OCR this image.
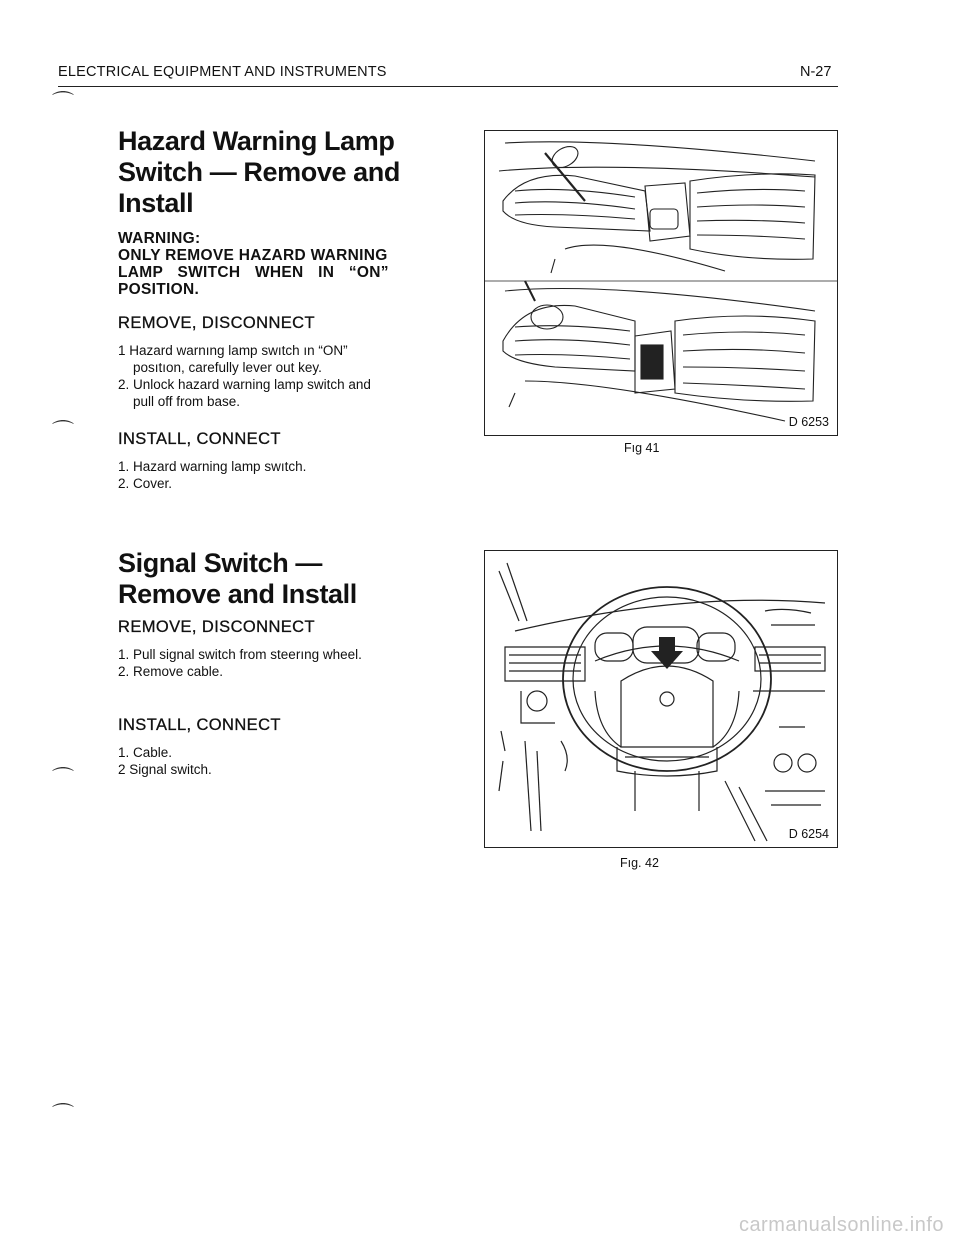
ELECTRICAL EQUIPMENT AND INSTRUMENTS	N-27
⌒
⌒
⌒
⌒
Hazard Warning Lamp
Switch — Remove and
Install
WARNING:
ONLY REMOVE HAZARD WARNING
LAMP SWITCH WHEN IN “ON”
POSITION.
REMOVE, DISCONNECT
1 Hazard warnıng lamp swıtch ın “ON”
posıtıon, carefully lever out key.
2. Unlock hazard warning lamp switch and
pull off from base.
INSTALL, CONNECT
1. Hazard warning lamp swıtch.
2. Cover.
Signal Switch —
Remove and Install
REMOVE, DISCONNECT
1. Pull signal switch from steerıng wheel.
2. Remove cable.
INSTALL, CONNECT
1. Cable.
2 Signal switch.
D 6253
Fıg 41
D 6254
Fıg. 42
carmanualsonline.info
